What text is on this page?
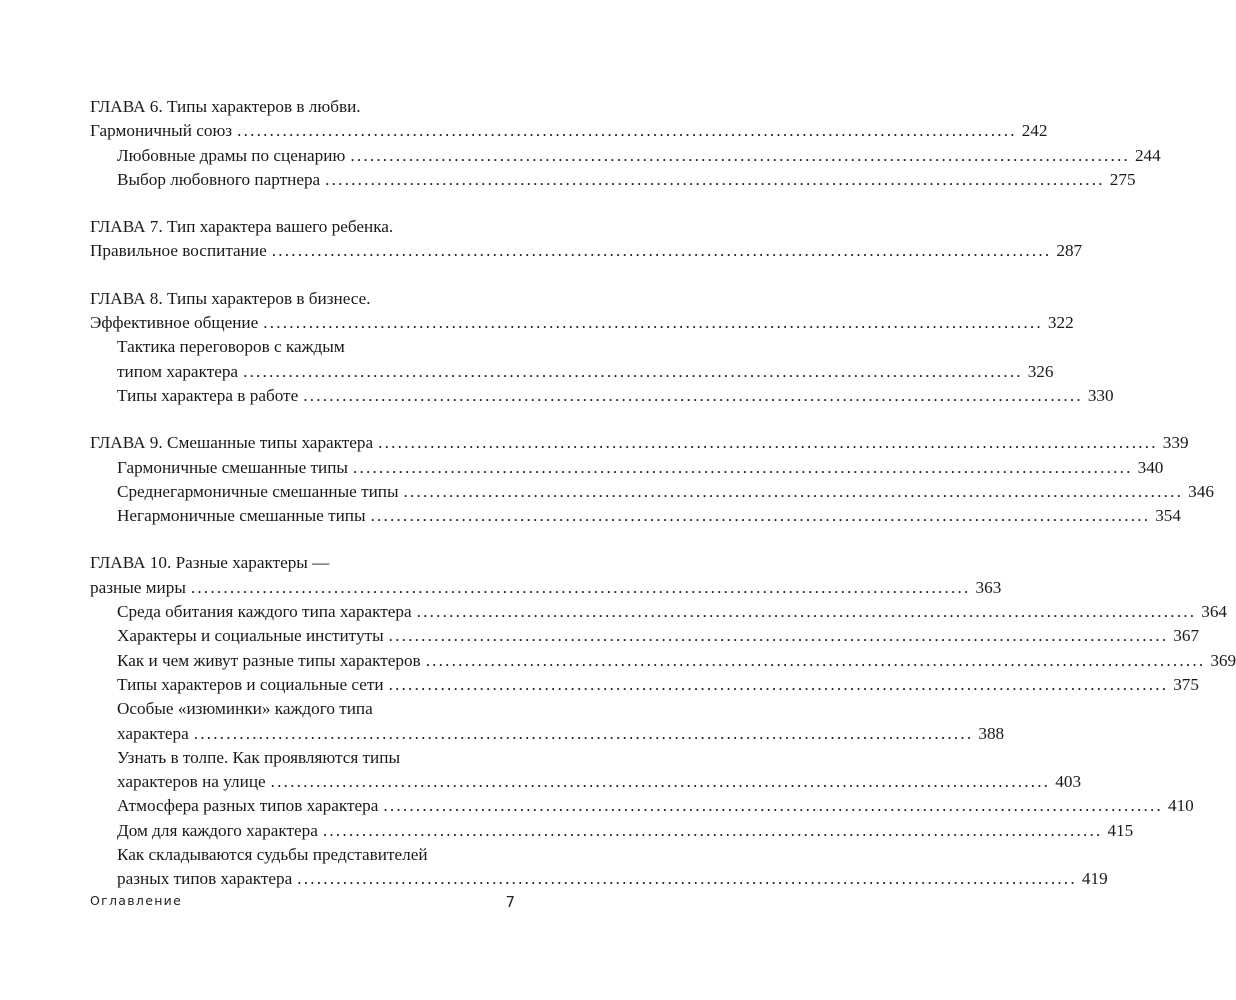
ГЛАВА 6. Типы характеров в любви.
Гармоничный союз ........................................................................................................................ 242
Любовные драмы по сценарию ........................................................................................................................ 244
Выбор любовного партнера ........................................................................................................................ 275
ГЛАВА 7. Тип характера вашего ребенка.
Правильное воспитание ........................................................................................................................ 287
ГЛАВА 8. Типы характеров в бизнесе.
Эффективное общение ........................................................................................................................ 322
Тактика переговоров с каждым
типом характера ........................................................................................................................ 326
Типы характера в работе ........................................................................................................................ 330
ГЛАВА 9. Смешанные типы характера ........................................................................................................................ 339
Гармоничные смешанные типы ........................................................................................................................ 340
Среднегармоничные смешанные типы ........................................................................................................................ 346
Негармоничные смешанные типы ........................................................................................................................ 354
ГЛАВА 10. Разные характеры —
разные миры ........................................................................................................................ 363
Среда обитания каждого типа характера ........................................................................................................................ 364
Характеры и социальные институты ........................................................................................................................ 367
Как и чем живут разные типы характеров ........................................................................................................................ 369
Типы характеров и социальные сети ........................................................................................................................ 375
Особые «изюминки» каждого типа
характера ........................................................................................................................ 388
Узнать в толпе. Как проявляются типы
характеров на улице ........................................................................................................................ 403
Атмосфера разных типов характера ........................................................................................................................ 410
Дом для каждого характера ........................................................................................................................ 415
Как складываются судьбы представителей
разных типов характера ........................................................................................................................ 419
Оглавление	7
